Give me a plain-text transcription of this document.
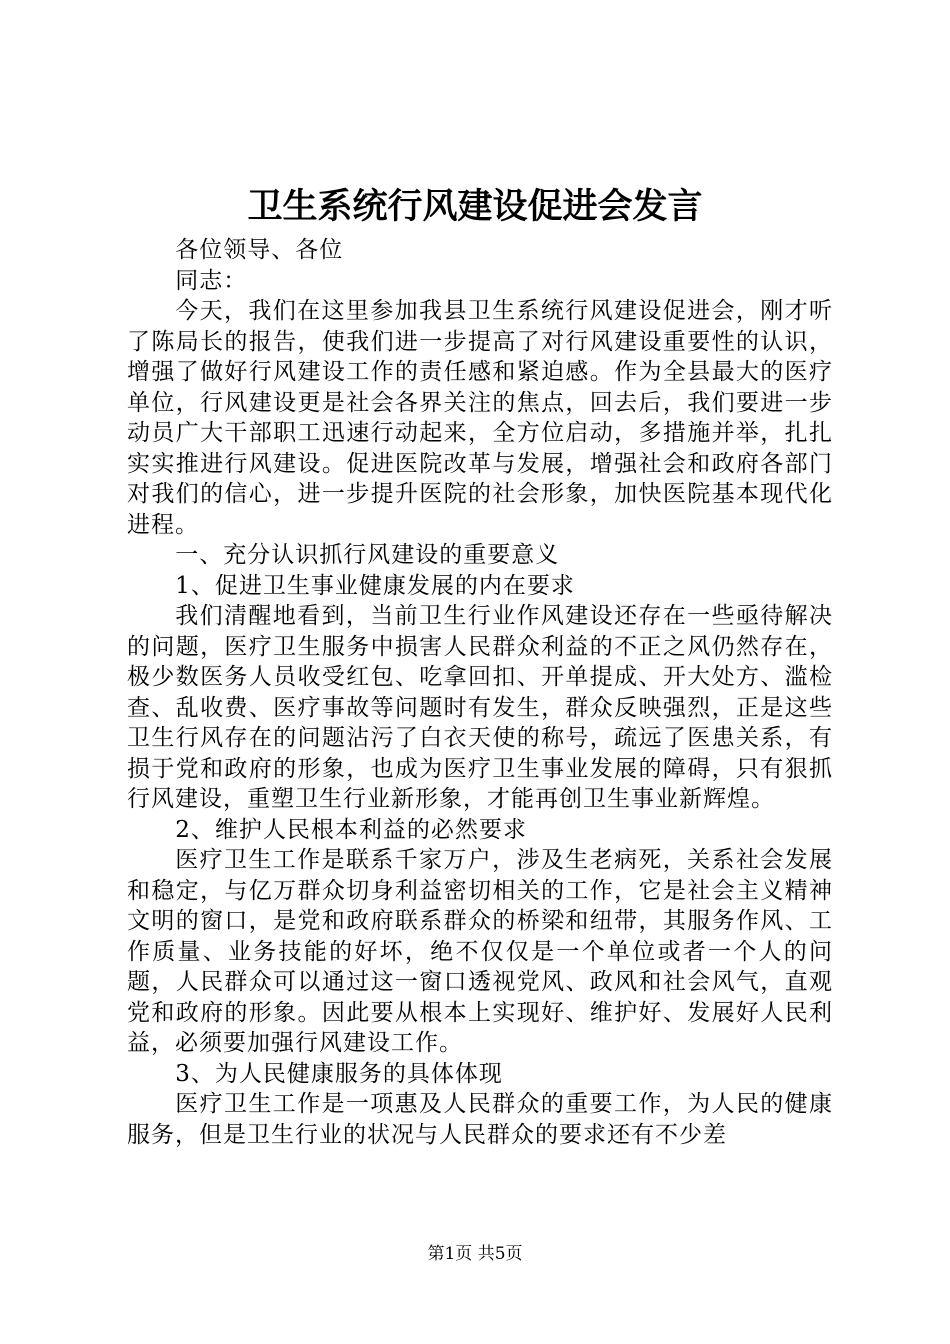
卫生系统行风建设促进会发言

各位领导、各位

同志：

今天，我们在这里参加我县卫生系统行风建设促进会，刚才听了陈局长的报告，使我们进一步提高了对行风建设重要性的认识，增强了做好行风建设工作的责任感和紧迫感。作为全县最大的医疗单位，行风建设更是社会各界关注的焦点，回去后，我们要进一步动员广大干部职工迅速行动起来，全方位启动，多措施并举，扎扎实实推进行风建设。促进医院改革与发展，增强社会和政府各部门对我们的信心，进一步提升医院的社会形象，加快医院基本现代化进程。

一、充分认识抓行风建设的重要意义

1、促进卫生事业健康发展的内在要求

我们清醒地看到，当前卫生行业作风建设还存在一些亟待解决的问题，医疗卫生服务中损害人民群众利益的不正之风仍然存在，极少数医务人员收受红包、吃拿回扣、开单提成、开大处方、滥检查、乱收费、医疗事故等问题时有发生，群众反映强烈，正是这些卫生行风存在的问题沾污了白衣天使的称号，疏远了医患关系，有损于党和政府的形象，也成为医疗卫生事业发展的障碍，只有狠抓行风建设，重塑卫生行业新形象，才能再创卫生事业新辉煌。

2、维护人民根本利益的必然要求

医疗卫生工作是联系千家万户，涉及生老病死，关系社会发展和稳定，与亿万群众切身利益密切相关的工作，它是社会主义精神文明的窗口，是党和政府联系群众的桥梁和纽带，其服务作风、工作质量、业务技能的好坏，绝不仅仅是一个单位或者一个人的问题，人民群众可以通过这一窗口透视党风、政风和社会风气，直观党和政府的形象。因此要从根本上实现好、维护好、发展好人民利益，必须要加强行风建设工作。

3、为人民健康服务的具体体现

医疗卫生工作是一项惠及人民群众的重要工作，为人民的健康服务，但是卫生行业的状况与人民群众的要求还有不少差

第1页 共5页
